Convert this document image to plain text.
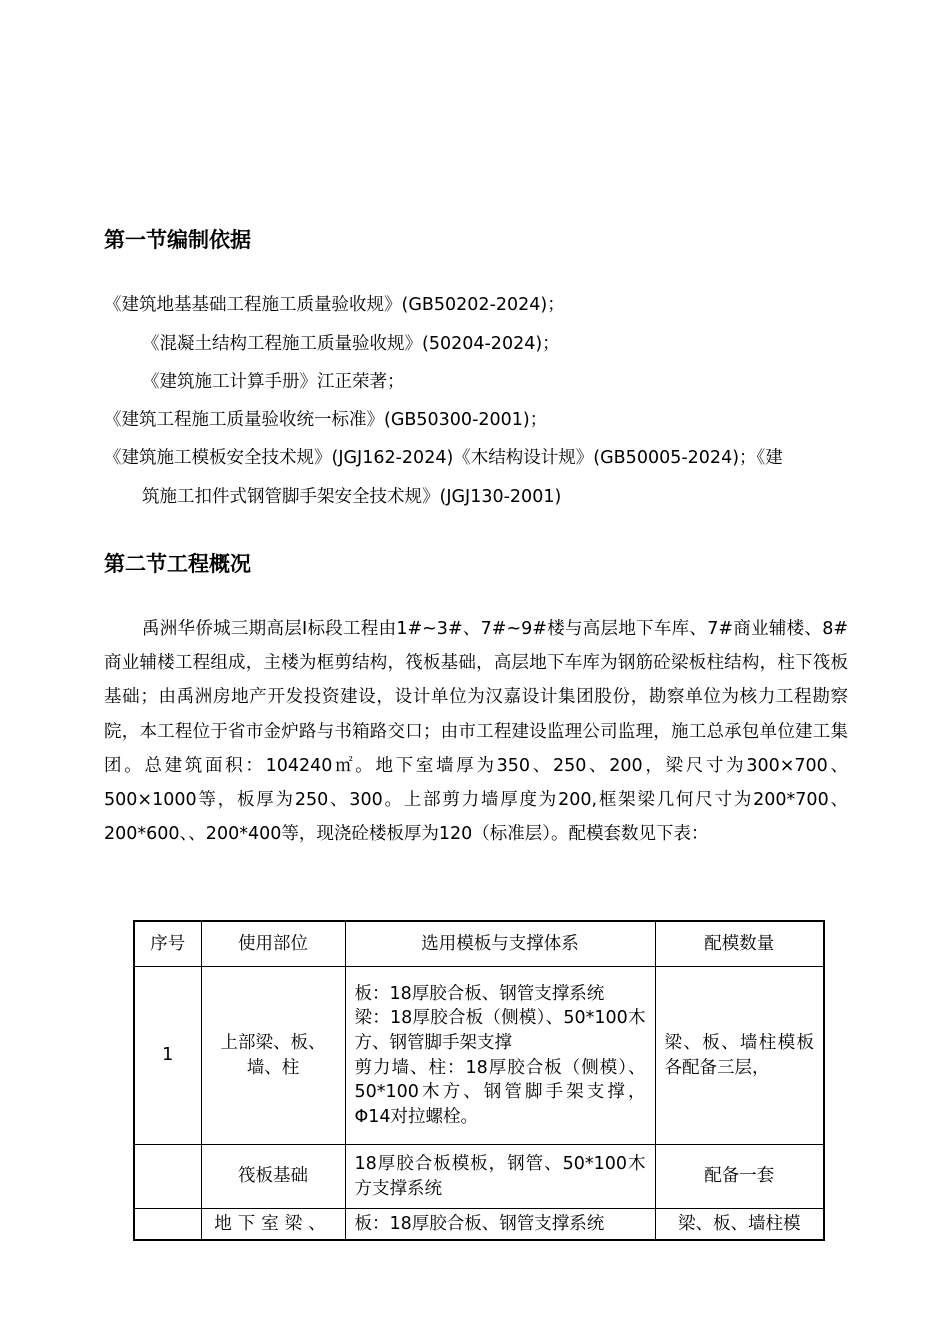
第一节编制依据
《建筑地基基础工程施工质量验收规》(GB50202-2024)；
《混凝土结构工程施工质量验收规》(50204-2024)；
《建筑施工计算手册》江正荣著；
《建筑工程施工质量验收统一标准》(GB50300-2001)；
《建筑施工模板安全技术规》(JGJ162-2024)《木结构设计规》(GB50005-2024)；《建
筑施工扣件式钢管脚手架安全技术规》(JGJ130-2001)
第二节工程概况

禹洲华侨城三期高层Ⅰ标段工程由1#~3#、7#~9#楼与高层地下车库、7#商业辅楼、8#商业辅楼工程组成，主楼为框剪结构，筏板基础，高层地下车库为钢筋砼梁板柱结构，柱下筏板基础；由禹洲房地产开发投资建设，设计单位为汉嘉设计集团股份，勘察单位为核力工程勘察院，本工程位于省市金炉路与书箱路交口；由市工程建设监理公司监理，施工总承包单位建工集团。总建筑面积：104240㎡。地下室墙厚为350、250、200，梁尺寸为300×700、500×1000等，板厚为250、300。上部剪力墙厚度为200,框架梁几何尺寸为200*700、200*600、、200*400等，现浇砼楼板厚为120（标准层）。配模套数见下表：

序号	使用部位	选用模板与支撑体系	配模数量
1	上部梁、板、墙、柱	板：18厚胶合板、钢管支撑系统
梁：18厚胶合板（侧模）、50*100木方、钢管脚手架支撑
剪力墙、柱：18厚胶合板（侧模）、50*100木方、钢管脚手架支撑，Φ14对拉螺栓。	梁、板、墙柱模板各配备三层，
	筏板基础	18厚胶合板模板，钢管、50*100木方支撑系统	配备一套
	地下室梁、	板：18厚胶合板、钢管支撑系统	梁、板、墙柱模
